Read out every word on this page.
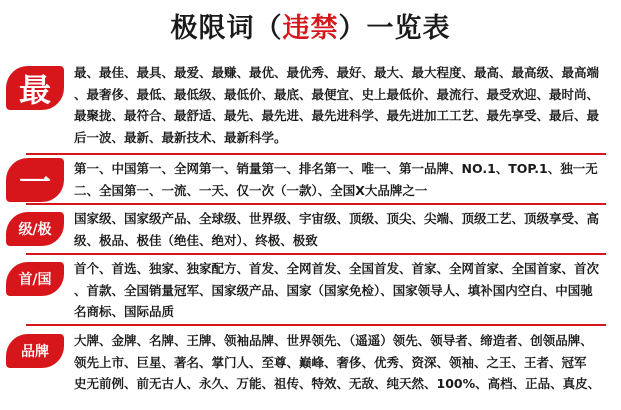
极限词（违禁）一览表
最	最、最佳、最具、最爱、最赚、最优、最优秀、最好、最大、最大程度、最高、最高级、最高端
、最奢侈、最低、最低级、最低价、最底、最便宜、史上最低价、最流行、最受欢迎、最时尚、
最聚拢、最符合、最舒适、最先、最先进、最先进科学、最先进加工工艺、最先享受、最后、最
后一波、最新、最新技术、最新科学。
一	第一、中国第一、全网第一、销量第一、排名第一、唯一、第一品牌、NO.1、TOP.1、独一无
二、全国第一、一流、一天、仅一次（一款）、全国X大品牌之一
级/极
国家级、国家级产品、全球级、世界级、宇宙级、顶级、顶尖、尖端、顶级工艺、顶级享受、高
级、极品、极佳（绝佳、绝对）、终极、极致
首/国
首个、首选、独家、独家配方、首发、全网首发、全国首发、首家、全网首家、全国首家、首次
、首款、全国销量冠军、国家级产品、国家（国家免检）、国家领导人、填补国内空白、中国驰
名商标、国际品质
品牌
大牌、金牌、名牌、王牌、领袖品牌、世界领先、（遥遥）领先、领导者、缔造者、创领品牌、
领先上市、巨星、著名、掌门人、至尊、巅峰、奢侈、优秀、资深、领袖、之王、王者、冠军
史无前例、前无古人、永久、万能、祖传、特效、无敌、纯天然、100%、高档、正品、真皮、
